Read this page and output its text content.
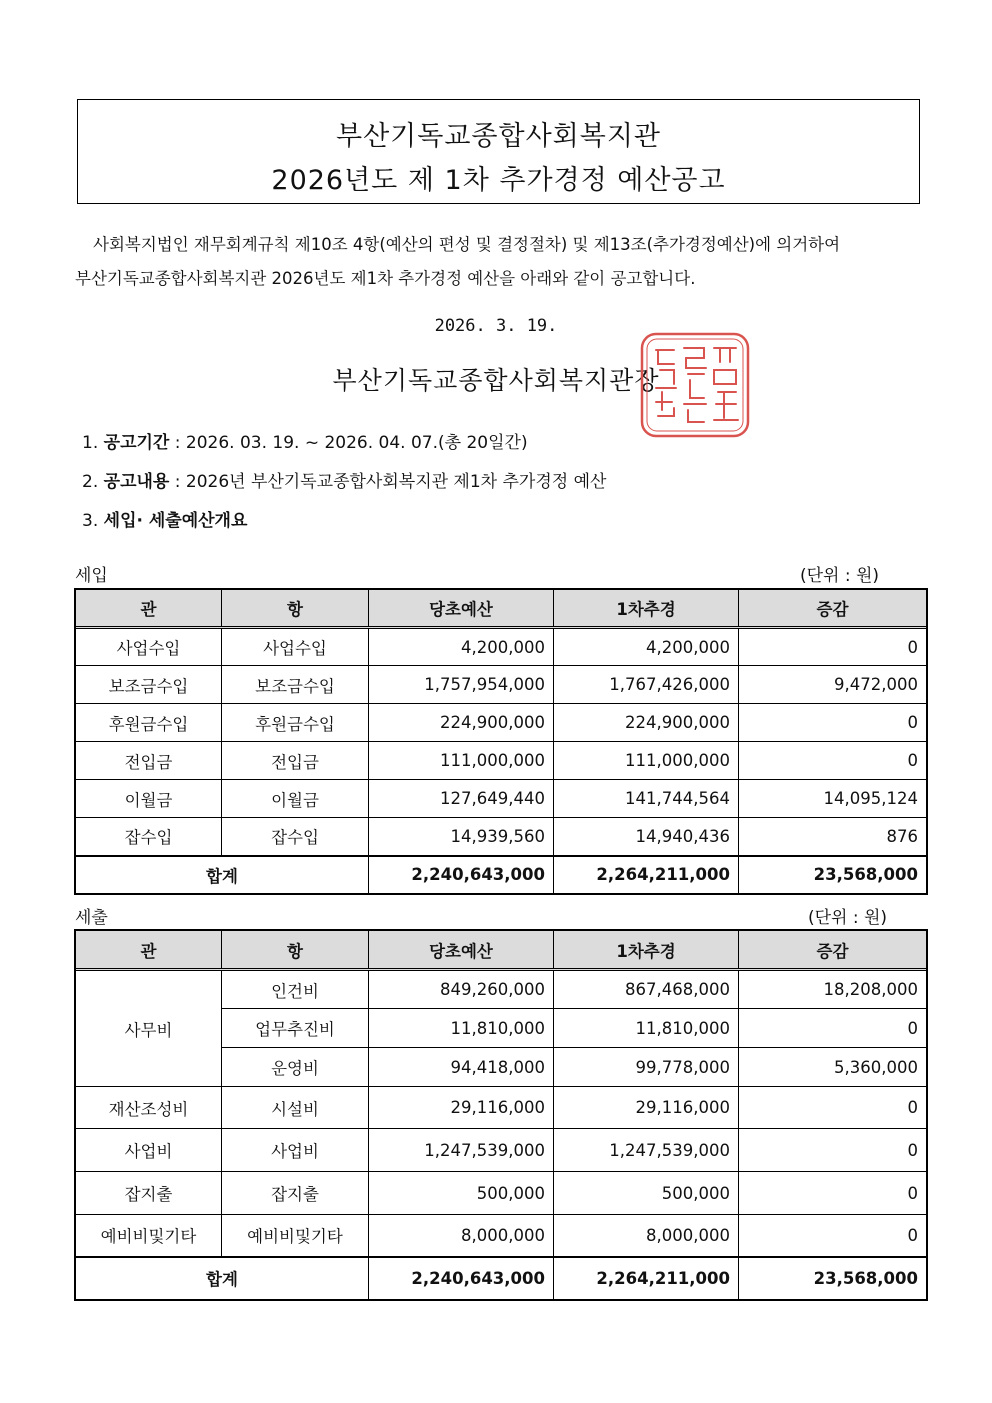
부산기독교종합사회복지관
2026년도 제 1차 추가경정 예산공고
사회복지법인 재무회계규칙 제10조 4항(예산의 편성 및 결정절차) 및 제13조(추가경정예산)에 의거하여
부산기독교종합사회복지관 2026년도 제1차 추가경정 예산을 아래와 같이 공고합니다.
2026. 3. 19.
부산기독교종합사회복지관장
1. 공고기간 : 2026. 03. 19. ~ 2026. 04. 07.(총 20일간)
2. 공고내용 : 2026년 부산기독교종합사회복지관 제1차 추가경정 예산
3. 세입· 세출예산개요
세입	(단위 : 원)
관	항	당초예산	1차추경	증감
사업수입	사업수입	4,200,000	4,200,000	0
보조금수입	보조금수입	1,757,954,000	1,767,426,000	9,472,000
후원금수입	후원금수입	224,900,000	224,900,000	0
전입금	전입금	111,000,000	111,000,000	0
이월금	이월금	127,649,440	141,744,564	14,095,124
잡수입	잡수입	14,939,560	14,940,436	876
합계		2,240,643,000	2,264,211,000	23,568,000
세출	(단위 : 원)
관	항	당초예산	1차추경	증감
사무비	인건비	849,260,000	867,468,000	18,208,000
	업무추진비	11,810,000	11,810,000	0
	운영비	94,418,000	99,778,000	5,360,000
재산조성비	시설비	29,116,000	29,116,000	0
사업비	사업비	1,247,539,000	1,247,539,000	0
잡지출	잡지출	500,000	500,000	0
예비비및기타	예비비및기타	8,000,000	8,000,000	0
합계		2,240,643,000	2,264,211,000	23,568,000
